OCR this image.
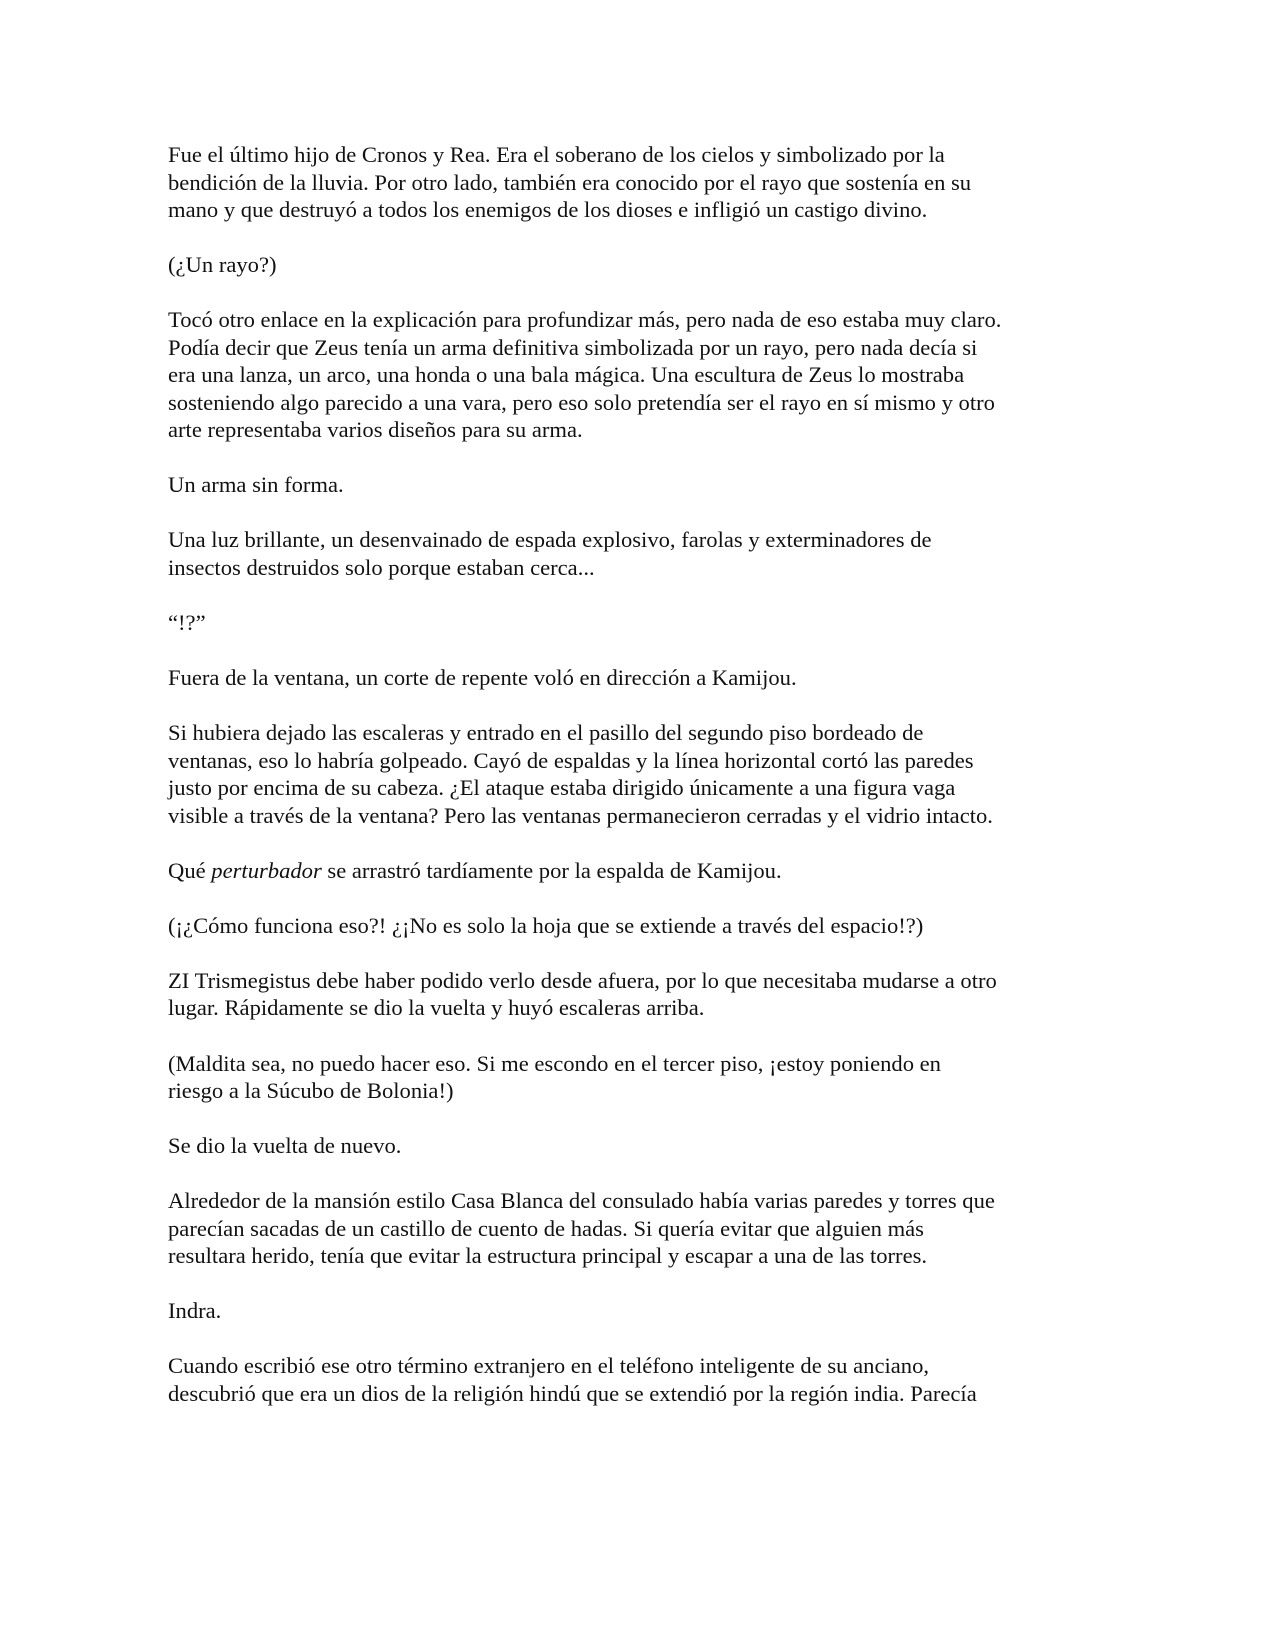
Fue el último hijo de Cronos y Rea. Era el soberano de los cielos y simbolizado por la
bendición de la lluvia. Por otro lado, también era conocido por el rayo que sostenía en su
mano y que destruyó a todos los enemigos de los dioses e infligió un castigo divino.

(¿Un rayo?)

Tocó otro enlace en la explicación para profundizar más, pero nada de eso estaba muy claro.
Podía decir que Zeus tenía un arma definitiva simbolizada por un rayo, pero nada decía si
era una lanza, un arco, una honda o una bala mágica. Una escultura de Zeus lo mostraba
sosteniendo algo parecido a una vara, pero eso solo pretendía ser el rayo en sí mismo y otro
arte representaba varios diseños para su arma.

Un arma sin forma.

Una luz brillante, un desenvainado de espada explosivo, farolas y exterminadores de
insectos destruidos solo porque estaban cerca...

“!?”

Fuera de la ventana, un corte de repente voló en dirección a Kamijou.

Si hubiera dejado las escaleras y entrado en el pasillo del segundo piso bordeado de
ventanas, eso lo habría golpeado. Cayó de espaldas y la línea horizontal cortó las paredes
justo por encima de su cabeza. ¿El ataque estaba dirigido únicamente a una figura vaga
visible a través de la ventana? Pero las ventanas permanecieron cerradas y el vidrio intacto.

Qué perturbador se arrastró tardíamente por la espalda de Kamijou.

(¡¿Cómo funciona eso?! ¿¡No es solo la hoja que se extiende a través del espacio!?)

ZI Trismegistus debe haber podido verlo desde afuera, por lo que necesitaba mudarse a otro
lugar. Rápidamente se dio la vuelta y huyó escaleras arriba.

(Maldita sea, no puedo hacer eso. Si me escondo en el tercer piso, ¡estoy poniendo en
riesgo a la Súcubo de Bolonia!)

Se dio la vuelta de nuevo.

Alrededor de la mansión estilo Casa Blanca del consulado había varias paredes y torres que
parecían sacadas de un castillo de cuento de hadas. Si quería evitar que alguien más
resultara herido, tenía que evitar la estructura principal y escapar a una de las torres.

Indra.

Cuando escribió ese otro término extranjero en el teléfono inteligente de su anciano,
descubrió que era un dios de la religión hindú que se extendió por la región india. Parecía
